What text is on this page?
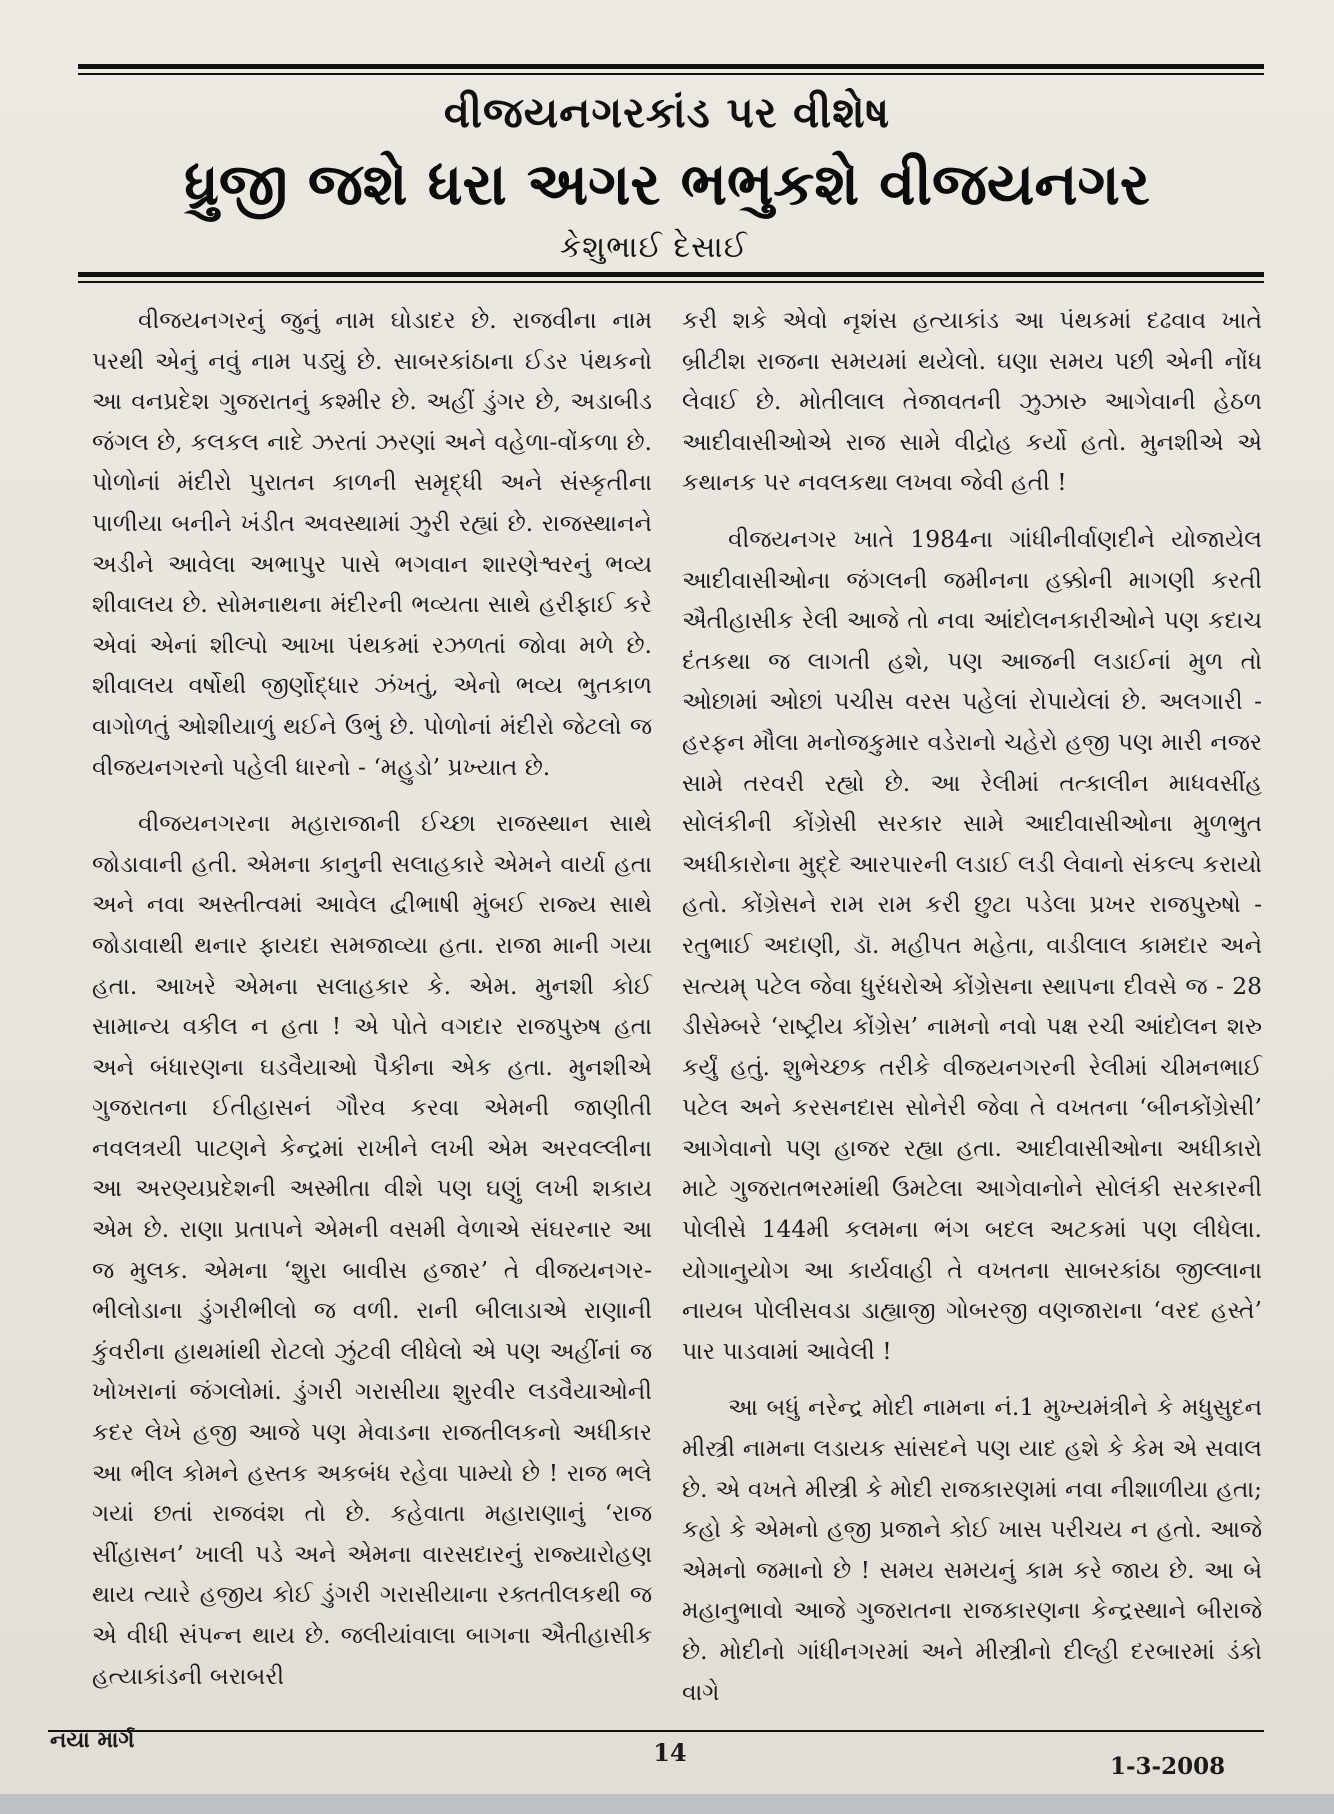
વીજયનગરકાંડ પર વીશેષ
ધ્રુજી જશે ધરા અગર ભભુકશે વીજયનગર
કેશુભાઈ દેસાઈ

વીજયનગરનું જુનું નામ ઘોડાદર છે. રાજવીના નામ પરથી એનું નવું નામ પડ્યું છે. સાબરકાંઠાના ઈડર પંથકનો આ વનપ્રદેશ ગુજરાતનું કશ્મીર છે. અહીં ડુંગર છે, અડાબીડ જંગલ છે, કલકલ નાદે ઝરતાં ઝરણાં અને વહેળા-વોંકળા છે. પોળોનાં મંદીરો પુરાતન કાળની સમૃદ્ધી અને સંસ્કૃતીના પાળીયા બનીને ખંડીત અવસ્થામાં ઝુરી રહ્યાં છે. રાજસ્થાનને અડીને આવેલા અભાપુર પાસે ભગવાન શારણેશ્વરનું ભવ્ય શીવાલય છે. સોમનાથના મંદીરની ભવ્યતા સાથે હરીફાઈ કરે એવાં એનાં શીલ્પો આખા પંથકમાં રઝળતાં જોવા મળે છે. શીવાલય વર્ષોથી જીર્ણોદ્ધાર ઝંખતું, એનો ભવ્ય ભુતકાળ વાગોળતું ઓશીયાળું થઈને ઉભું છે. પોળોનાં મંદીરો જેટલો જ વીજયનગરનો પહેલી ધારનો - ‘મહુડો’ પ્રખ્યાત છે.

વીજયનગરના મહારાજાની ઈચ્છા રાજસ્થાન સાથે જોડાવાની હતી. એમના કાનુની સલાહકારે એમને વાર્યા હતા અને નવા અસ્તીત્વમાં આવેલ દ્વીભાષી મુંબઈ રાજ્ય સાથે જોડાવાથી થનાર ફાયદા સમજાવ્યા હતા. રાજા માની ગયા હતા. આખરે એમના સલાહકાર કે. એમ. મુનશી કોઈ સામાન્ય વકીલ ન હતા ! એ પોતે વગદાર રાજપુરુષ હતા અને બંધારણના ઘડવૈયાઓ પૈકીના એક હતા. મુનશીએ ગુજરાતના ઈતીહાસનં ગૌરવ કરવા એમની જાણીતી નવલત્રયી પાટણને કેન્દ્રમાં રાખીને લખી એમ અરવલ્લીના આ અરણ્યપ્રદેશની અસ્મીતા વીશે પણ ઘણું લખી શકાય એમ છે. રાણા પ્રતાપને એમની વસમી વેળાએ સંઘરનાર આ જ મુલક. એમના ‘શુરા બાવીસ હજાર’ તે વીજયનગર-ભીલોડાના ડુંગરીભીલો જ વળી. રાની બીલાડાએ રાણાની કુંવરીના હાથમાંથી રોટલો ઝુંટવી લીધેલો એ પણ અહીંનાં જ ખોખરાનાં જંગલોમાં. ડુંગરી ગરાસીયા શુરવીર લડવૈયાઓની કદર લેખે હજી આજે પણ મેવાડના રાજતીલકનો અધીકાર આ ભીલ કોમને હસ્તક અકબંધ રહેવા પામ્યો છે ! રાજ ભલે ગયાં છતાં રાજવંશ તો છે. કહેવાતા મહારાણાનું ‘રાજ સીંહાસન’ ખાલી પડે અને એમના વારસદારનું રાજ્યારોહણ થાય ત્યારે હજીય કોઈ ડુંગરી ગરાસીયાના રક્તતીલકથી જ એ વીધી સંપન્ન થાય છે. જલીયાંવાલા બાગના ઐતીહાસીક હત્યાકાંડની બરાબરી

કરી શકે એવો નૃશંસ હત્યાકાંડ આ પંથકમાં દઢવાવ ખાતે બ્રીટીશ રાજના સમયમાં થયેલો. ઘણા સમય પછી એની નોંધ લેવાઈ છે. મોતીલાલ તેજાવતની ઝુઝારુ આગેવાની હેઠળ આદીવાસીઓએ રાજ સામે વીદ્રોહ કર્યો હતો. મુનશીએ એ કથાનક પર નવલકથા લખવા જેવી હતી !

વીજયનગર ખાતે 1984ના ગાંધીનીર્વાણદીને યોજાયેલ આદીવાસીઓના જંગલની જમીનના હક્કોની માગણી કરતી ઐતીહાસીક રેલી આજે તો નવા આંદોલનકારીઓને પણ કદાચ દંતકથા જ લાગતી હશે, પણ આજની લડાઈનાં મુળ તો ઓછામાં ઓછાં પચીસ વરસ પહેલાં રોપાયેલાં છે. અલગારી - હરફન મૌલા મનોજકુમાર વડેરાનો ચહેરો હજી પણ મારી નજર સામે તરવરી રહ્યો છે. આ રેલીમાં તત્કાલીન માધવસીંહ સોલંકીની કોંગ્રેસી સરકાર સામે આદીવાસીઓના મુળભુત અધીકારોના મુદ્દે આરપારની લડાઈ લડી લેવાનો સંકલ્પ કરાયો હતો. કોંગ્રેસને રામ રામ કરી છુટા પડેલા પ્રખર રાજપુરુષો - રતુભાઈ અદાણી, ડૉ. મહીપત મહેતા, વાડીલાલ કામદાર અને સત્યમ્ પટેલ જેવા ધુરંધરોએ કોંગ્રેસના સ્થાપના દીવસે જ - 28 ડીસેમ્બરે ‘રાષ્ટ્રીય કોંગ્રેસ’ નામનો નવો પક્ષ રચી આંદોલન શરુ કર્યું હતું. શુભેચ્છક તરીકે વીજયનગરની રેલીમાં ચીમનભાઈ પટેલ અને કરસનદાસ સોનેરી જેવા તે વખતના ‘બીનકોંગ્રેસી’ આગેવાનો પણ હાજર રહ્યા હતા. આદીવાસીઓના અધીકારો માટે ગુજરાતભરમાંથી ઉમટેલા આગેવાનોને સોલંકી સરકારની પોલીસે 144મી કલમના ભંગ બદલ અટકમાં પણ લીધેલા. યોગાનુયોગ આ કાર્યવાહી તે વખતના સાબરકાંઠા જીલ્લાના નાયબ પોલીસવડા ડાહ્યાજી ગોબરજી વણજારાના ‘વરદ હસ્તે’ પાર પાડવામાં આવેલી !

આ બધું નરેન્દ્ર મોદી નામના નં.1 મુખ્યમંત્રીને કે મધુસુદન મીસ્ત્રી નામના લડાયક સાંસદને પણ યાદ હશે કે કેમ એ સવાલ છે. એ વખતે મીસ્ત્રી કે મોદી રાજકારણમાં નવા નીશાળીયા હતા; કહો કે એમનો હજી પ્રજાને કોઈ ખાસ પરીચય ન હતો. આજે એમનો જમાનો છે ! સમય સમયનું કામ કરે જાય છે. આ બે મહાનુભાવો આજે ગુજરાતના રાજકારણના કેન્દ્રસ્થાને બીરાજે છે. મોદીનો ગાંધીનગરમાં અને મીસ્ત્રીનો દીલ્હી દરબારમાં ડંકો વાગે

નયા માર્ગ	14	1-3-2008
